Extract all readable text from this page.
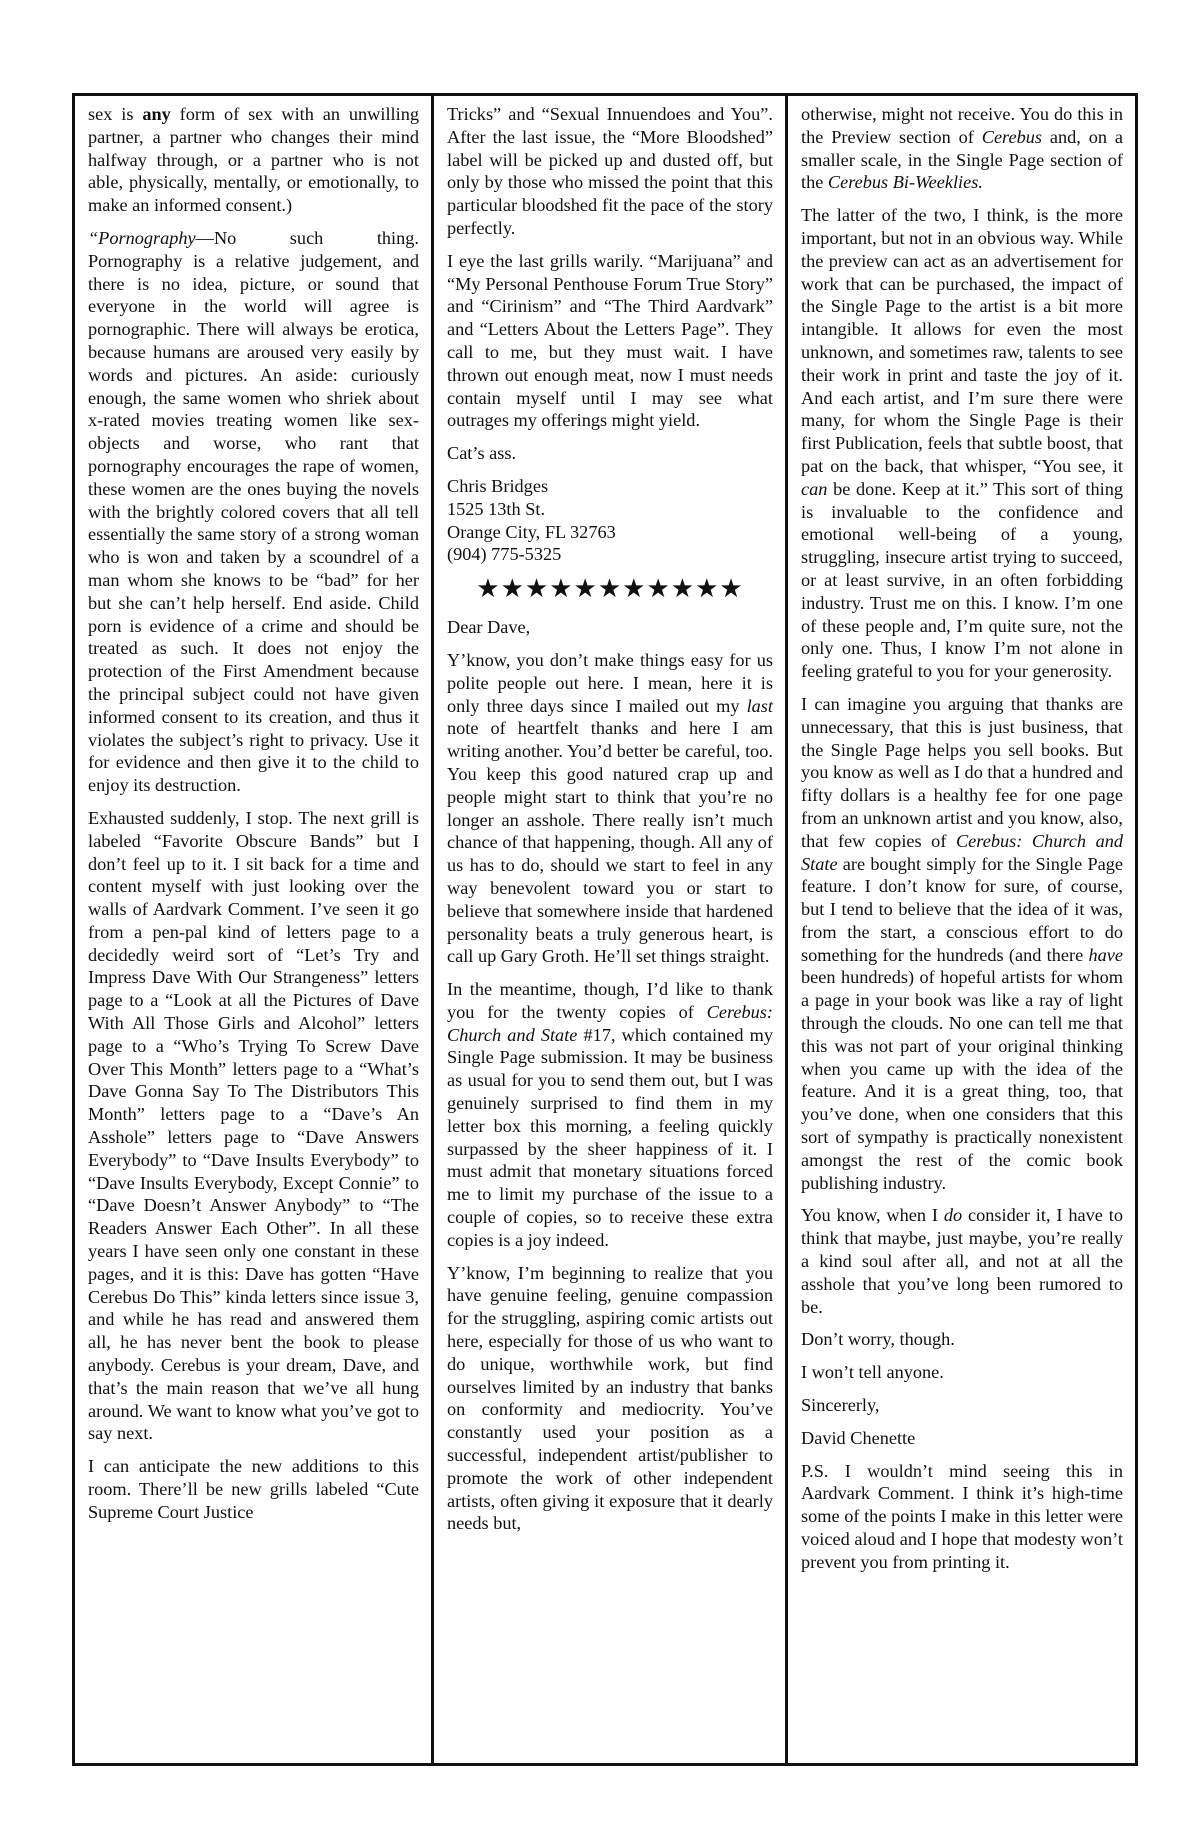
sex is any form of sex with an unwilling partner, a partner who changes their mind halfway through, or a partner who is not able, physically, mentally, or emotionally, to make an informed consent.)

“Pornography—No such thing. Pornography is a relative judgement, and there is no idea, picture, or sound that everyone in the world will agree is pornographic. There will always be erotica, because humans are aroused very easily by words and pictures. An aside: curiously enough, the same women who shriek about x-rated movies treating women like sex-objects and worse, who rant that pornography encourages the rape of women, these women are the ones buying the novels with the brightly colored covers that all tell essentially the same story of a strong woman who is won and taken by a scoundrel of a man whom she knows to be “bad” for her but she can’t help herself. End aside. Child porn is evidence of a crime and should be treated as such. It does not enjoy the protection of the First Amendment because the principal subject could not have given informed consent to its creation, and thus it violates the subject’s right to privacy. Use it for evidence and then give it to the child to enjoy its destruction.

Exhausted suddenly, I stop. The next grill is labeled “Favorite Obscure Bands” but I don’t feel up to it. I sit back for a time and content myself with just looking over the walls of Aardvark Comment. I’ve seen it go from a pen-pal kind of letters page to a decidedly weird sort of “Let’s Try and Impress Dave With Our Strangeness” letters page to a “Look at all the Pictures of Dave With All Those Girls and Alcohol” letters page to a “Who’s Trying To Screw Dave Over This Month” letters page to a “What’s Dave Gonna Say To The Distributors This Month” letters page to a “Dave’s An Asshole” letters page to “Dave Answers Everybody” to “Dave Insults Everybody” to “Dave Insults Everybody, Except Connie” to “Dave Doesn’t Answer Anybody” to “The Readers Answer Each Other”. In all these years I have seen only one constant in these pages, and it is this: Dave has gotten “Have Cerebus Do This” kinda letters since issue 3, and while he has read and answered them all, he has never bent the book to please anybody. Cerebus is your dream, Dave, and that’s the main reason that we’ve all hung around. We want to know what you’ve got to say next.

I can anticipate the new additions to this room. There’ll be new grills labeled “Cute Supreme Court Justice

Tricks” and “Sexual Innuendoes and You”. After the last issue, the “More Bloodshed” label will be picked up and dusted off, but only by those who missed the point that this particular bloodshed fit the pace of the story perfectly.

I eye the last grills warily. “Marijuana” and “My Personal Penthouse Forum True Story” and “Cirinism” and “The Third Aardvark” and “Letters About the Letters Page”. They call to me, but they must wait. I have thrown out enough meat, now I must needs contain myself until I may see what outrages my offerings might yield.

Cat’s ass.

Chris Bridges

1525 13th St.

Orange City, FL 32763

(904) 775-5325

★★★★★★★★★★★

Dear Dave,

Y’know, you don’t make things easy for us polite people out here. I mean, here it is only three days since I mailed out my last note of heartfelt thanks and here I am writing another. You’d better be careful, too. You keep this good natured crap up and people might start to think that you’re no longer an asshole. There really isn’t much chance of that happening, though. All any of us has to do, should we start to feel in any way benevolent toward you or start to believe that somewhere inside that hardened personality beats a truly generous heart, is call up Gary Groth. He’ll set things straight.

In the meantime, though, I’d like to thank you for the twenty copies of Cerebus: Church and State #17, which contained my Single Page submission. It may be business as usual for you to send them out, but I was genuinely surprised to find them in my letter box this morning, a feeling quickly surpassed by the sheer happiness of it. I must admit that monetary situations forced me to limit my purchase of the issue to a couple of copies, so to receive these extra copies is a joy indeed.

Y’know, I’m beginning to realize that you have genuine feeling, genuine compassion for the struggling, aspiring comic artists out here, especially for those of us who want to do unique, worthwhile work, but find ourselves limited by an industry that banks on conformity and mediocrity. You’ve constantly used your position as a successful, independent artist/publisher to promote the work of other independent artists, often giving it exposure that it dearly needs but,

otherwise, might not receive. You do this in the Preview section of Cerebus and, on a smaller scale, in the Single Page section of the Cerebus Bi-Weeklies.

The latter of the two, I think, is the more important, but not in an obvious way. While the preview can act as an advertisement for work that can be purchased, the impact of the Single Page to the artist is a bit more intangible. It allows for even the most unknown, and sometimes raw, talents to see their work in print and taste the joy of it. And each artist, and I’m sure there were many, for whom the Single Page is their first Publication, feels that subtle boost, that pat on the back, that whisper, “You see, it can be done. Keep at it.” This sort of thing is invaluable to the confidence and emotional well-being of a young, struggling, insecure artist trying to succeed, or at least survive, in an often forbidding industry. Trust me on this. I know. I’m one of these people and, I’m quite sure, not the only one. Thus, I know I’m not alone in feeling grateful to you for your generosity.

I can imagine you arguing that thanks are unnecessary, that this is just business, that the Single Page helps you sell books. But you know as well as I do that a hundred and fifty dollars is a healthy fee for one page from an unknown artist and you know, also, that few copies of Cerebus: Church and State are bought simply for the Single Page feature. I don’t know for sure, of course, but I tend to believe that the idea of it was, from the start, a conscious effort to do something for the hundreds (and there have been hundreds) of hopeful artists for whom a page in your book was like a ray of light through the clouds. No one can tell me that this was not part of your original thinking when you came up with the idea of the feature. And it is a great thing, too, that you’ve done, when one considers that this sort of sympathy is practically nonexistent amongst the rest of the comic book publishing industry.

You know, when I do consider it, I have to think that maybe, just maybe, you’re really a kind soul after all, and not at all the asshole that you’ve long been rumored to be.

Don’t worry, though.

I won’t tell anyone.

Sincererly,

David Chenette

P.S. I wouldn’t mind seeing this in Aardvark Comment. I think it’s high-time some of the points I make in this letter were voiced aloud and I hope that modesty won’t prevent you from printing it.
